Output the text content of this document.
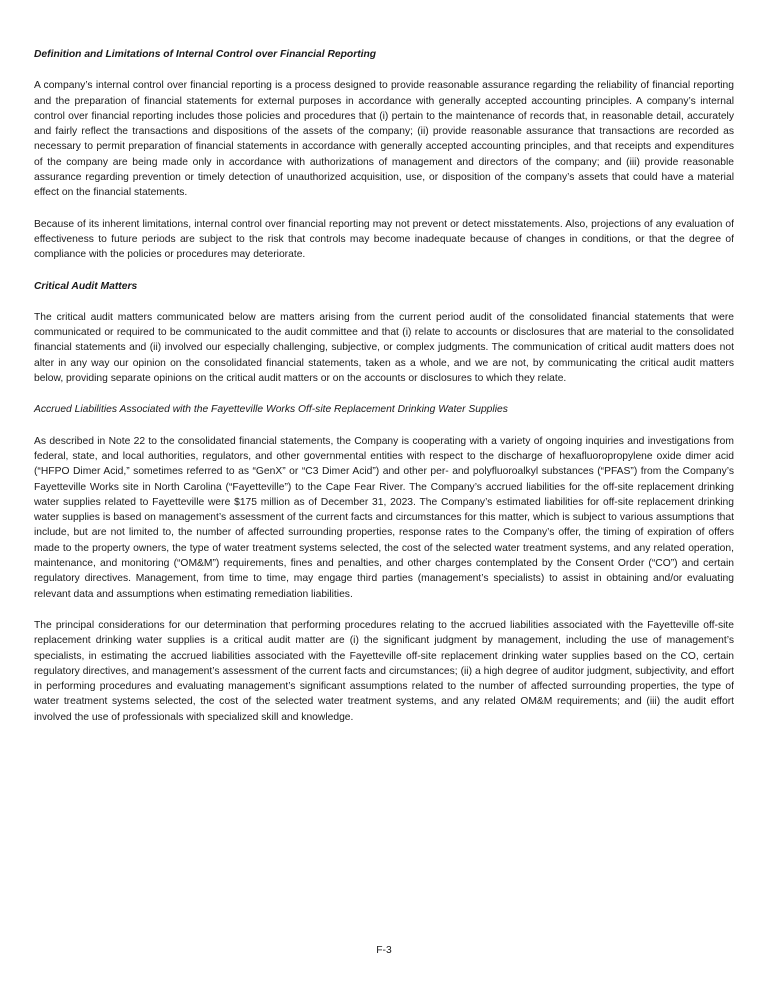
Definition and Limitations of Internal Control over Financial Reporting

A company’s internal control over financial reporting is a process designed to provide reasonable assurance regarding the reliability of financial reporting and the preparation of financial statements for external purposes in accordance with generally accepted accounting principles. A company’s internal control over financial reporting includes those policies and procedures that (i) pertain to the maintenance of records that, in reasonable detail, accurately and fairly reflect the transactions and dispositions of the assets of the company; (ii) provide reasonable assurance that transactions are recorded as necessary to permit preparation of financial statements in accordance with generally accepted accounting principles, and that receipts and expenditures of the company are being made only in accordance with authorizations of management and directors of the company; and (iii) provide reasonable assurance regarding prevention or timely detection of unauthorized acquisition, use, or disposition of the company’s assets that could have a material effect on the financial statements.

Because of its inherent limitations, internal control over financial reporting may not prevent or detect misstatements. Also, projections of any evaluation of effectiveness to future periods are subject to the risk that controls may become inadequate because of changes in conditions, or that the degree of compliance with the policies or procedures may deteriorate.

Critical Audit Matters

The critical audit matters communicated below are matters arising from the current period audit of the consolidated financial statements that were communicated or required to be communicated to the audit committee and that (i) relate to accounts or disclosures that are material to the consolidated financial statements and (ii) involved our especially challenging, subjective, or complex judgments. The communication of critical audit matters does not alter in any way our opinion on the consolidated financial statements, taken as a whole, and we are not, by communicating the critical audit matters below, providing separate opinions on the critical audit matters or on the accounts or disclosures to which they relate.

Accrued Liabilities Associated with the Fayetteville Works Off-site Replacement Drinking Water Supplies

As described in Note 22 to the consolidated financial statements, the Company is cooperating with a variety of ongoing inquiries and investigations from federal, state, and local authorities, regulators, and other governmental entities with respect to the discharge of hexafluoropropylene oxide dimer acid (“HFPO Dimer Acid,” sometimes referred to as “GenX” or “C3 Dimer Acid”) and other per- and polyfluoroalkyl substances (“PFAS”) from the Company’s Fayetteville Works site in North Carolina (“Fayetteville”) to the Cape Fear River. The Company’s accrued liabilities for the off-site replacement drinking water supplies related to Fayetteville were $175 million as of December 31, 2023. The Company’s estimated liabilities for off-site replacement drinking water supplies is based on management’s assessment of the current facts and circumstances for this matter, which is subject to various assumptions that include, but are not limited to, the number of affected surrounding properties, response rates to the Company’s offer, the timing of expiration of offers made to the property owners, the type of water treatment systems selected, the cost of the selected water treatment systems, and any related operation, maintenance, and monitoring (“OM&M”) requirements, fines and penalties, and other charges contemplated by the Consent Order (“CO”) and certain regulatory directives. Management, from time to time, may engage third parties (management’s specialists) to assist in obtaining and/or evaluating relevant data and assumptions when estimating remediation liabilities.

The principal considerations for our determination that performing procedures relating to the accrued liabilities associated with the Fayetteville off-site replacement drinking water supplies is a critical audit matter are (i) the significant judgment by management, including the use of management’s specialists, in estimating the accrued liabilities associated with the Fayetteville off-site replacement drinking water supplies based on the CO, certain regulatory directives, and management’s assessment of the current facts and circumstances; (ii) a high degree of auditor judgment, subjectivity, and effort in performing procedures and evaluating management’s significant assumptions related to the number of affected surrounding properties, the type of water treatment systems selected, the cost of the selected water treatment systems, and any related OM&M requirements; and (iii) the audit effort involved the use of professionals with specialized skill and knowledge.

F-3
